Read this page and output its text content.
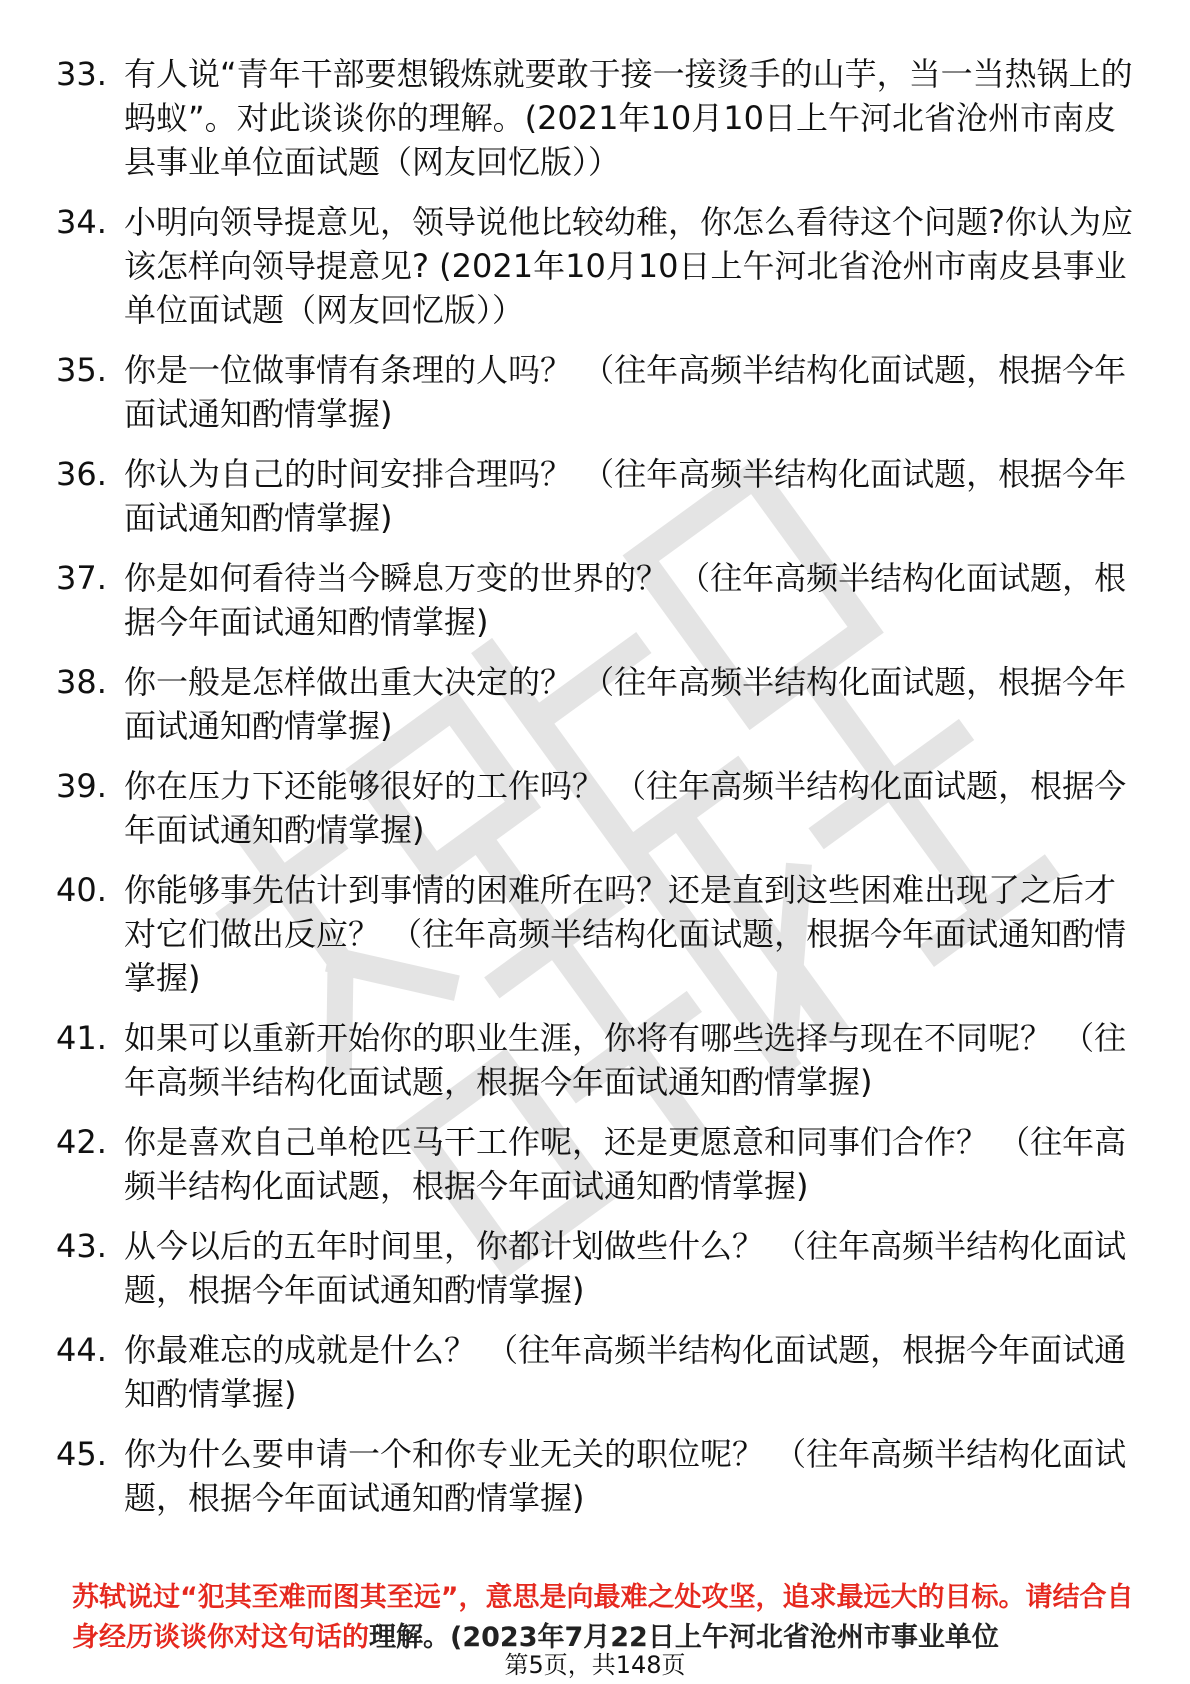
33. 有人说“青年干部要想锻炼就要敢于接一接烫手的山芋，当一当热锅上的蚂蚁”。对此谈谈你的理解。(2021年10月10日上午河北省沧州市南皮县事业单位面试题（网友回忆版））
34. 小明向领导提意见，领导说他比较幼稚，你怎么看待这个问题?你认为应该怎样向领导提意见? (2021年10月10日上午河北省沧州市南皮县事业单位面试题（网友回忆版））
35. 你是一位做事情有条理的人吗？ （往年高频半结构化面试题，根据今年面试通知酌情掌握)
36. 你认为自己的时间安排合理吗？ （往年高频半结构化面试题，根据今年面试通知酌情掌握)
37. 你是如何看待当今瞬息万变的世界的？ （往年高频半结构化面试题，根据今年面试通知酌情掌握)
38. 你一般是怎样做出重大决定的？ （往年高频半结构化面试题，根据今年面试通知酌情掌握)
39. 你在压力下还能够很好的工作吗？ （往年高频半结构化面试题，根据今年面试通知酌情掌握)
40. 你能够事先估计到事情的困难所在吗？还是直到这些困难出现了之后才对它们做出反应？ （往年高频半结构化面试题，根据今年面试通知酌情掌握)
41. 如果可以重新开始你的职业生涯，你将有哪些选择与现在不同呢？ （往年高频半结构化面试题，根据今年面试通知酌情掌握)
42. 你是喜欢自己单枪匹马干工作呢，还是更愿意和同事们合作？ （往年高频半结构化面试题，根据今年面试通知酌情掌握)
43. 从今以后的五年时间里，你都计划做些什么？ （往年高频半结构化面试题，根据今年面试通知酌情掌握)
44. 你最难忘的成就是什么？ （往年高频半结构化面试题，根据今年面试通知酌情掌握)
45. 你为什么要申请一个和你专业无关的职位呢？ （往年高频半结构化面试题，根据今年面试通知酌情掌握)
苏轼说过“犯其至难而图其至远”，意思是向最难之处攻坚，追求最远大的目标。请结合自身经历谈谈你对这句话的理解。(2023年7月22日上午河北省沧州市事业单位
第5页，共148页
